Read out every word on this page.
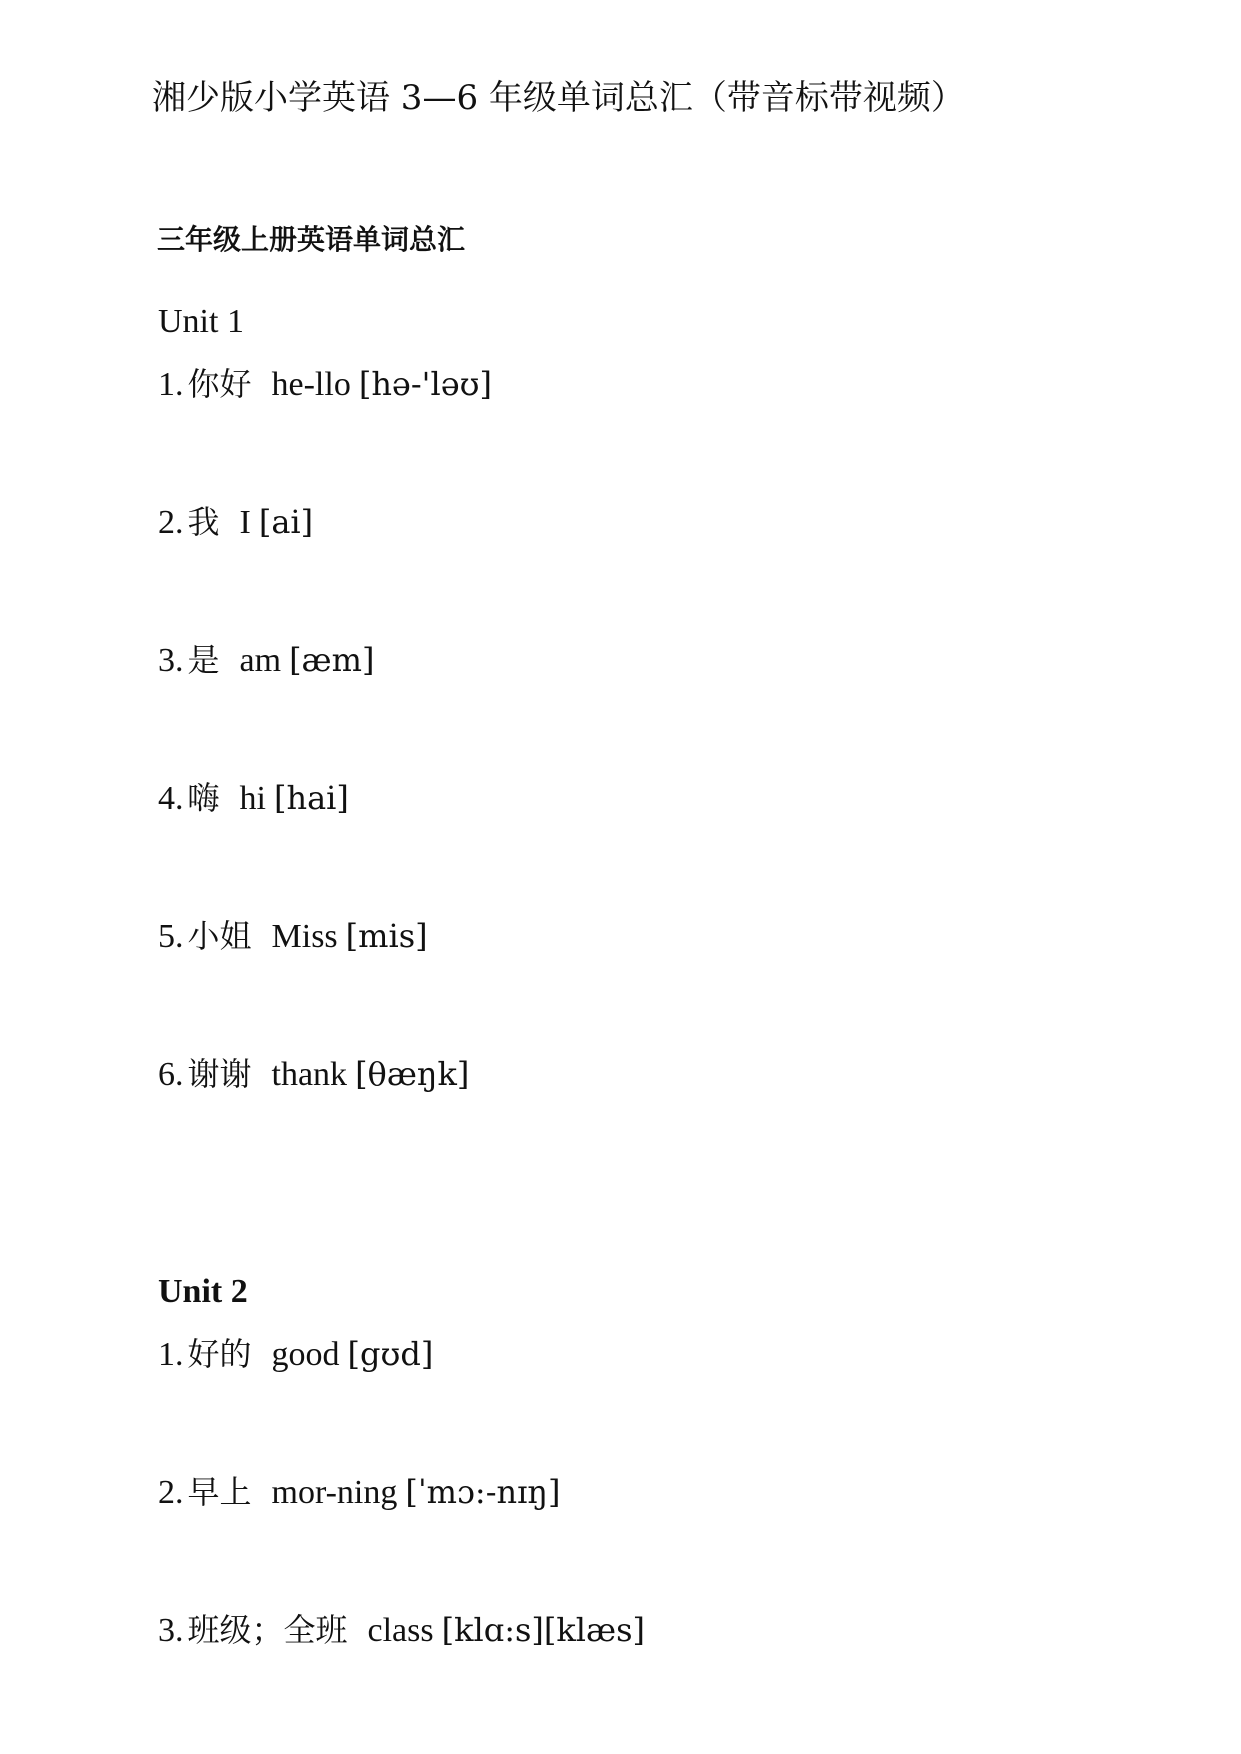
湘少版小学英语 3—6 年级单词总汇（带音标带视频）
三年级上册英语单词总汇
Unit 1
1. 你好 he-llo [hə-'ləʊ]
2. 我 I [ai]
3. 是 am [æm]
4. 嗨 hi [hai]
5. 小姐 Miss [mis]
6. 谢谢 thank [θæŋk]
Unit 2
1. 好的 good [gʊd]
2. 早上 mor-ning [ˈmɔ:-nɪŋ]
3. 班级；全班 class [klɑ:s][klæs]
